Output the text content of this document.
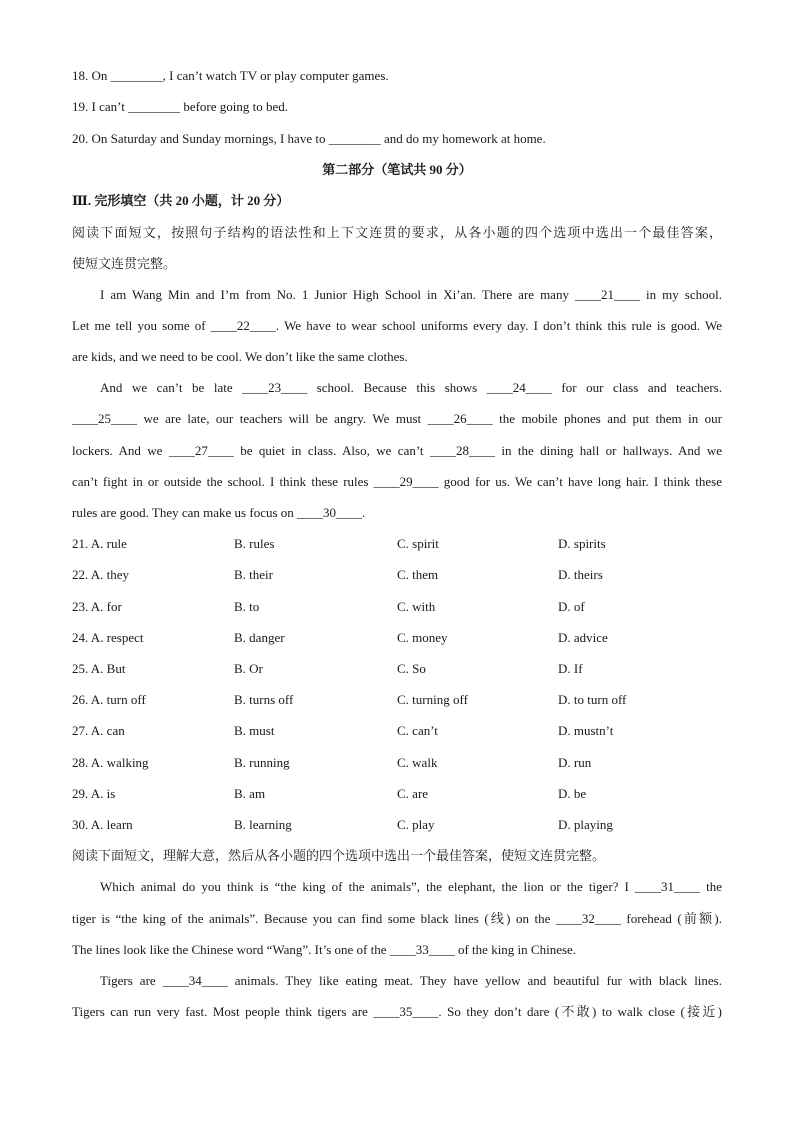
18. On ________, I can’t watch TV or play computer games.
19. I can’t ________ before going to bed.
20. On Saturday and Sunday mornings, I have to ________ and do my homework at home.
第二部分（笔试共 90 分）
Ⅲ. 完形填空（共 20 小题，计 20 分）
阅读下面短文，按照句子结构的语法性和上下文连贯的要求，从各小题的四个选项中选出一个最佳答案，
使短文连贯完整。
I am Wang Min and I’m from No. 1 Junior High School in Xi’an. There are many ____21____ in my school.
Let me tell you some of ____22____. We have to wear school uniforms every day. I don’t think this rule is good. We
are kids, and we need to be cool. We don’t like the same clothes.
And we can’t be late ____23____ school. Because this shows ____24____ for our class and teachers.
____25____ we are late, our teachers will be angry. We must ____26____ the mobile phones and put them in our
lockers. And we ____27____ be quiet in class. Also, we can’t ____28____ in the dining hall or hallways. And we
can’t fight in or outside the school. I think these rules ____29____ good for us. We can’t have long hair. I think these
rules are good. They can make us focus on ____30____.
21. A. rule	B. rules	C. spirit	D. spirits
22. A. they	B. their	C. them	D. theirs
23. A. for	B. to	C. with	D. of
24. A. respect	B. danger	C. money	D. advice
25. A. But	B. Or	C. So	D. If
26. A. turn off	B. turns off	C. turning off	D. to turn off
27. A. can	B. must	C. can’t	D. mustn’t
28. A. walking	B. running	C. walk	D. run
29. A. is	B. am	C. are	D. be
30. A. learn	B. learning	C. play	D. playing
阅读下面短文，理解大意，然后从各小题的四个选项中选出一个最佳答案，使短文连贯完整。
Which animal do you think is “the king of the animals”, the elephant, the lion or the tiger? I ____31____ the
tiger is “the king of the animals”. Because you can find some black lines (线) on the ____32____ forehead (前额).
The lines look like the Chinese word “Wang”. It’s one of the ____33____ of the king in Chinese.
Tigers are ____34____ animals. They like eating meat. They have yellow and beautiful fur with black lines.
Tigers can run very fast. Most people think tigers are ____35____. So they don’t dare (不敢) to walk close (接近)
